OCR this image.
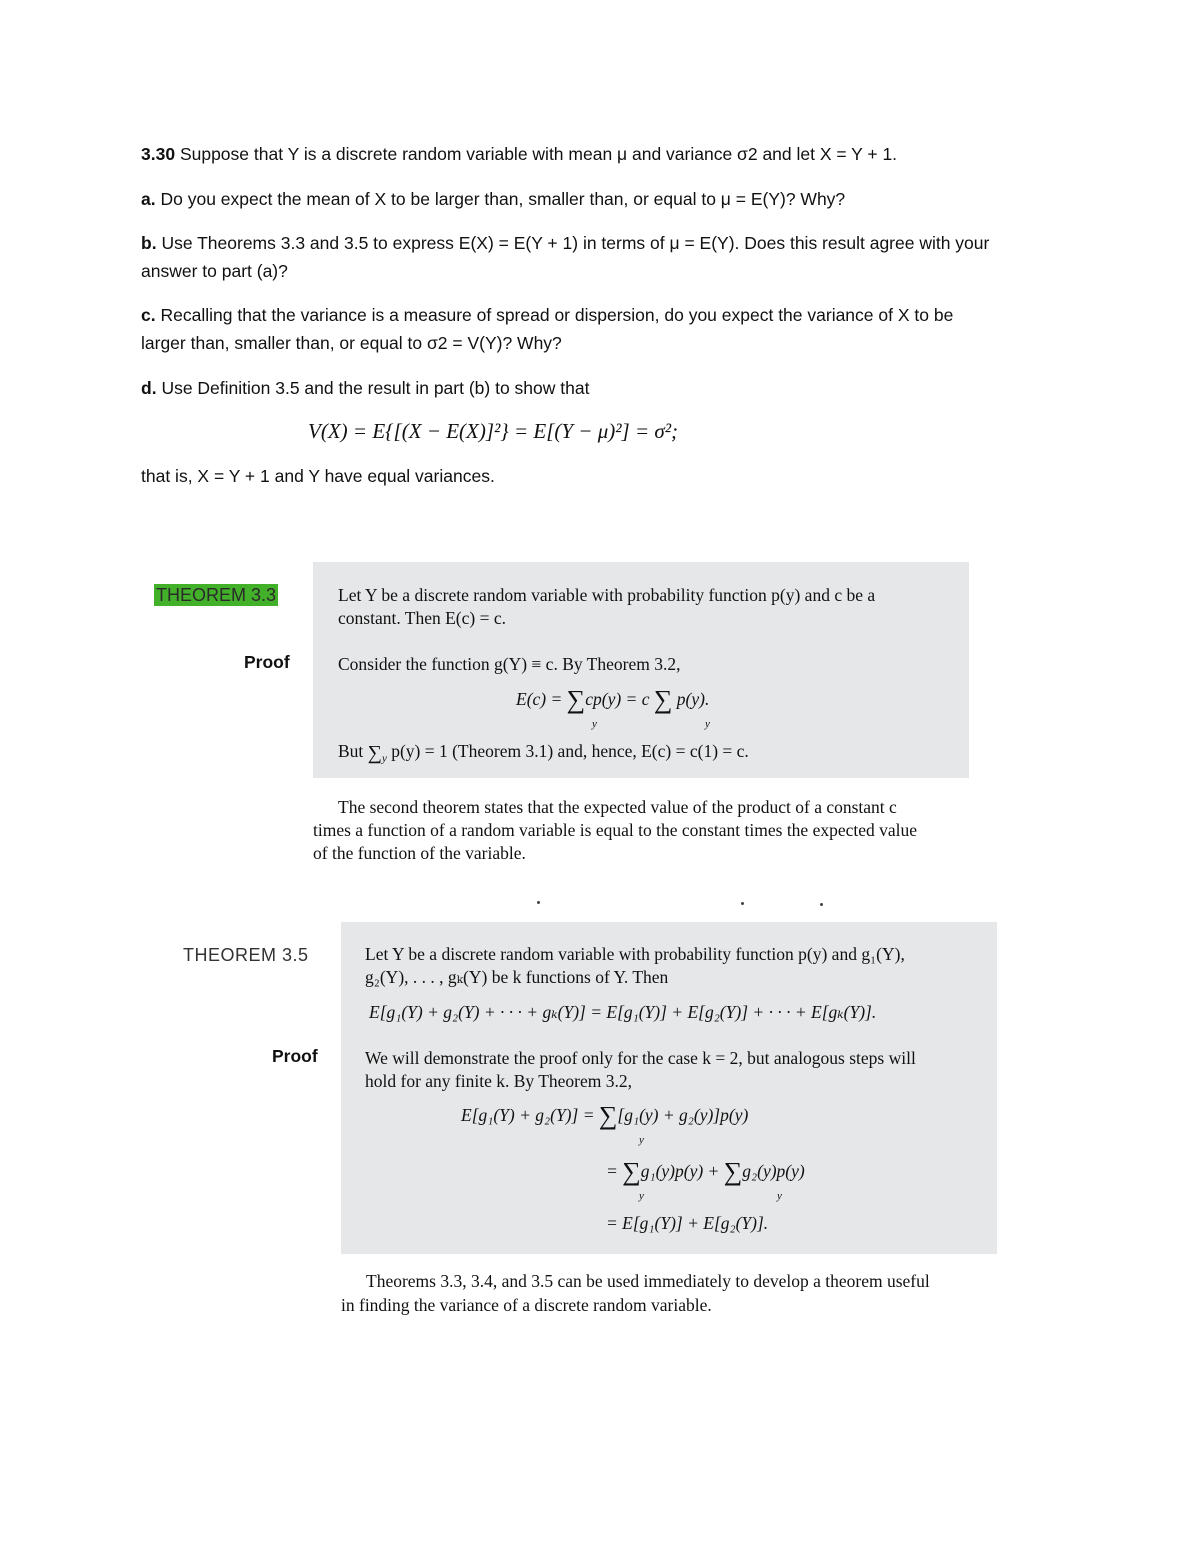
3.30 Suppose that Y is a discrete random variable with mean μ and variance σ2 and let X = Y + 1.
a. Do you expect the mean of X to be larger than, smaller than, or equal to μ = E(Y)? Why?
b. Use Theorems 3.3 and 3.5 to express E(X) = E(Y + 1) in terms of μ = E(Y). Does this result agree with your
answer to part (a)?
c. Recalling that the variance is a measure of spread or dispersion, do you expect the variance of X to be
larger than, smaller than, or equal to σ2 = V(Y)? Why?
d. Use Definition 3.5 and the result in part (b) to show that
V(X) = E{[(X − E(X)]²} = E[(Y − μ)²] = σ²;
that is, X = Y + 1 and Y have equal variances.
THEOREM 3.3
Proof
Let Y be a discrete random variable with probability function p(y) and c be a
constant. Then E(c) = c.
Consider the function g(Y) ≡ c. By Theorem 3.2,
E(c) = ∑cp(y) = c ∑ p(y).
y	y
But $\sum_y$ p(y) = 1 (Theorem 3.1) and, hence, E(c) = c(1) = c.
The second theorem states that the expected value of the product of a constant c
times a function of a random variable is equal to the constant times the expected value
of the function of the variable.
THEOREM 3.5
Proof
Let Y be a discrete random variable with probability function p(y) and g₁(Y),
g₂(Y), . . . , gₖ(Y) be k functions of Y. Then
E[g₁(Y) + g₂(Y) + · · · + gₖ(Y)] = E[g₁(Y)] + E[g₂(Y)] + · · · + E[gₖ(Y)].
We will demonstrate the proof only for the case k = 2, but analogous steps will
hold for any finite k. By Theorem 3.2,
E[g₁(Y) + g₂(Y)] = ∑[g₁(y) + g₂(y)]p(y)
y
= ∑g₁(y)p(y) + ∑g₂(y)p(y)
y	y
= E[g₁(Y)] + E[g₂(Y)].
Theorems 3.3, 3.4, and 3.5 can be used immediately to develop a theorem useful
in finding the variance of a discrete random variable.
